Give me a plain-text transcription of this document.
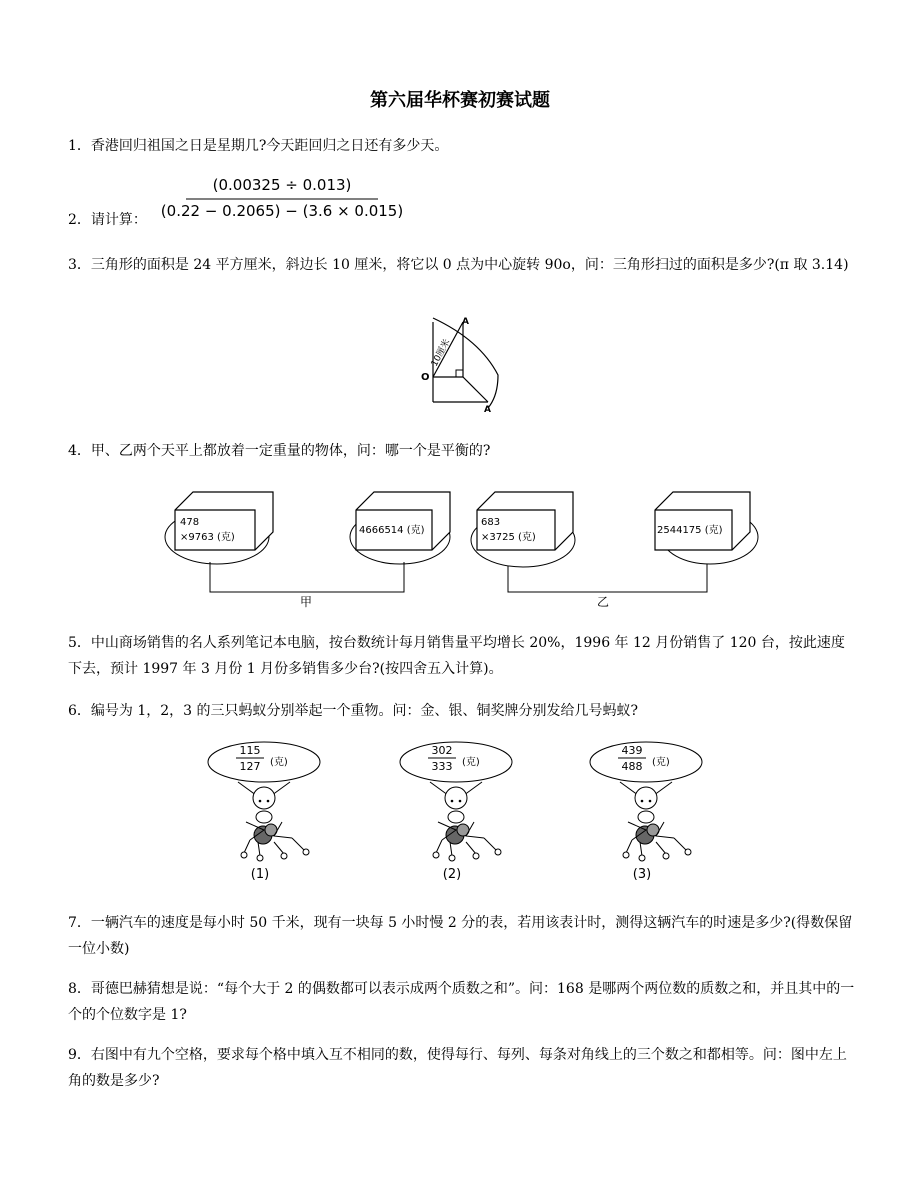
第六届华杯赛初赛试题

1．香港回归祖国之日是星期几?今天距回归之日还有多少天。

2．请计算：

(0.00325 ÷ 0.013)
(0.22 − 0.2065) − (3.6 × 0.015)

3．三角形的面积是 24 平方厘米，斜边长 10 厘米，将它以 0 点为中心旋转 90o，问：三角形扫过的面积是多少?(π 取 3.14)

A
A
O
10厘米

4．甲、乙两个天平上都放着一定重量的物体，问：哪一个是平衡的?

甲
478
×9763 (克)
4666514 (克)
乙
683
×3725 (克)
2544175 (克)

5．中山商场销售的名人系列笔记本电脑，按台数统计每月销售量平均增长 20%，1996 年 12 月份销售了 120 台，按此速度下去，预计 1997 年 3 月份 1 月份多销售多少台?(按四舍五入计算)。

6．编号为 1，2，3 的三只蚂蚁分别举起一个重物。问：金、银、铜奖牌分别发给几号蚂蚁?

115
127 (克)
(1)
302
333 (克)
(2)
439
488 (克)
(3)

7．一辆汽车的速度是每小时 50 千米，现有一块每 5 小时慢 2 分的表，若用该表计时，测得这辆汽车的时速是多少?(得数保留一位小数)

8．哥德巴赫猜想是说：“每个大于 2 的偶数都可以表示成两个质数之和”。问：168 是哪两个两位数的质数之和，并且其中的一个的个位数字是 1?

9．右图中有九个空格，要求每个格中填入互不相同的数，使得每行、每列、每条对角线上的三个数之和都相等。问：图中左上角的数是多少?
